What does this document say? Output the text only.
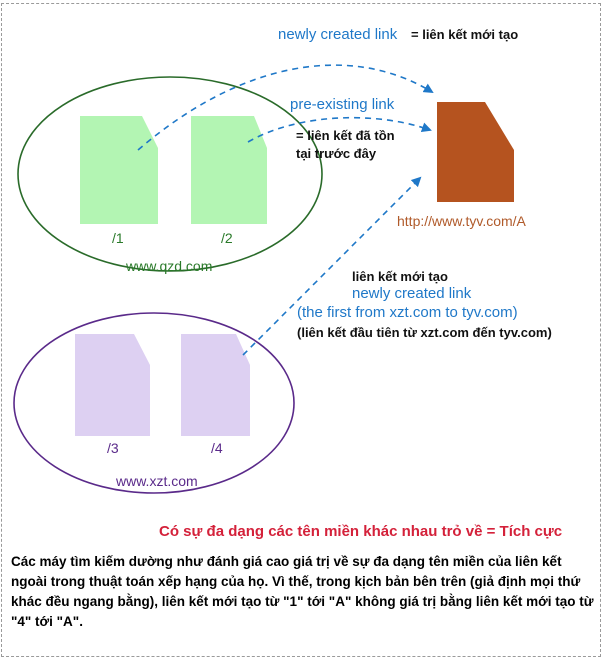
newly created link = liên kết mới tạo
pre-existing link
= liên kết đã tồn
tại trước đây
http://www.tyv.com/A
/1	/2
www.qzd.com
liên kết mới tạo
newly created link
(the first from xzt.com to tyv.com)
(liên kết đầu tiên từ xzt.com đến tyv.com)
/3	/4
www.xzt.com
Có sự đa dạng các tên miền khác nhau trỏ về = Tích cực
Các máy tìm kiếm dường như đánh giá cao giá trị về sự đa dạng tên miền của liên kết ngoài trong thuật toán xếp hạng của họ. Vì thế, trong kịch bản bên trên (giả định mọi thứ khác đều ngang bằng), liên kết mới tạo từ "1" tới "A" không giá trị bằng liên kết mới tạo từ "4" tới "A".
